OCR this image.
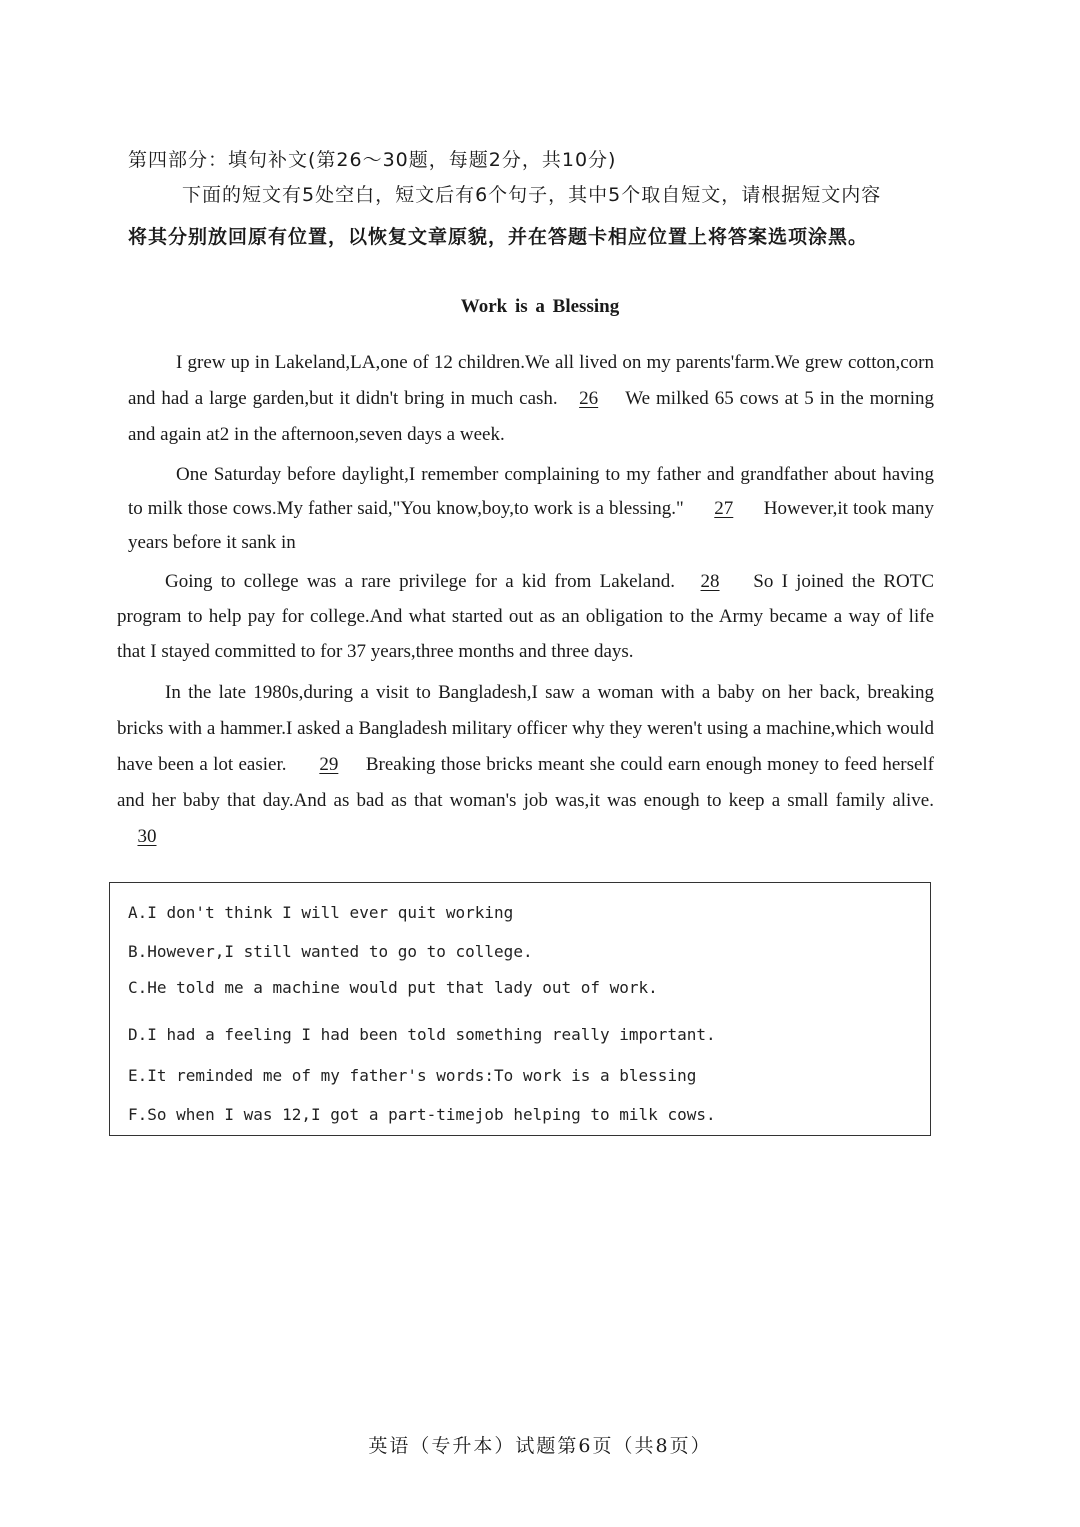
第四部分：填句补文(第26～30题，每题2分，共10分)
下面的短文有5处空白，短文后有6个句子，其中5个取自短文，请根据短文内容
将其分别放回原有位置，以恢复文章原貌，并在答题卡相应位置上将答案选项涂黑。
Work is a Blessing
I grew up in Lakeland,LA,one of 12 children.We all lived on my parents'farm.We grew cotton,corn and had a large garden,but it didn't bring in much cash. 26 We milked 65 cows at 5 in the morning and again at2 in the afternoon,seven days a week.
One Saturday before daylight,I remember complaining to my father and grandfather about having to milk those cows.My father said,"You know,boy,to work is a blessing." 27 However,it took many years before it sank in
Going to college was a rare privilege for a kid from Lakeland. 28 So I joined the ROTC program to help pay for college.And what started out as an obligation to the Army became a way of life that I stayed committed to for 37 years,three months and three days.
In the late 1980s,during a visit to Bangladesh,I saw a woman with a baby on her back, breaking bricks with a hammer.I asked a Bangladesh military officer why they weren't using a machine,which would have been a lot easier. 29 Breaking those bricks meant she could earn enough money to feed herself and her baby that day.And as bad as that woman's job was,it was enough to keep a small family alive.30
A.I don't think I will ever quit working
B.However,I still wanted to go to college.
C.He told me a machine would put that lady out of work.
D.I had a feeling I had been told something really important.
E.It reminded me of my father's words:To work is a blessing
F.So when I was 12,I got a part-timejob helping to milk cows.
英语（专升本）试题第6页（共8页）
